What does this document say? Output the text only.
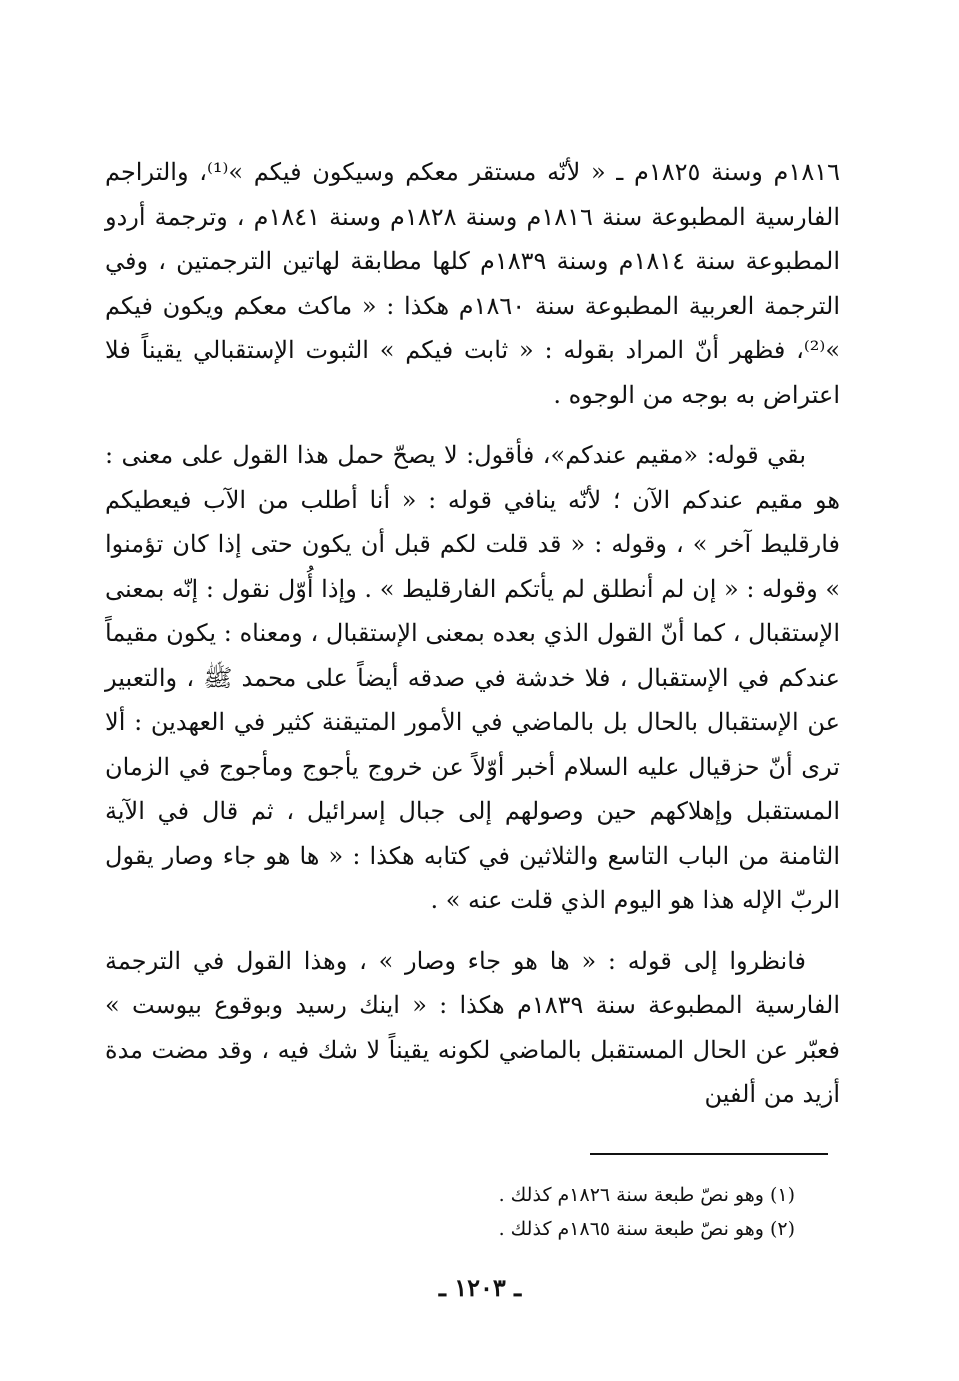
١٨١٦م وسنة ١٨٢٥م ـ « لأنّه مستقر معكم وسيكون فيكم »⁽¹⁾، والتراجم الفارسية المطبوعة سنة ١٨١٦م وسنة ١٨٢٨م وسنة ١٨٤١م ، وترجمة أردو المطبوعة سنة ١٨١٤م وسنة ١٨٣٩م كلها مطابقة لهاتين الترجمتين ، وفي الترجمة العربية المطبوعة سنة ١٨٦٠م هكذا : « ماكث معكم ويكون فيكم »⁽²⁾، فظهر أنّ المراد بقوله : « ثابت فيكم » الثبوت الإستقبالي يقيناً فلا اعتراض به بوجه من الوجوه .

بقي قوله: «مقيم عندكم»، فأقول: لا يصحّ حمل هذا القول على معنى : هو مقيم عندكم الآن ؛ لأنّه ينافي قوله : « أنا أطلب من الآب فيعطيكم فارقليط آخر » ، وقوله : « قد قلت لكم قبل أن يكون حتى إذا كان تؤمنوا » وقوله : « إن لم أنطلق لم يأتكم الفارقليط » . وإذا أُوّل نقول : إنّه بمعنى الإستقبال ، كما أنّ القول الذي بعده بمعنى الإستقبال ، ومعناه : يكون مقيماً عندكم في الإستقبال ، فلا خدشة في صدقه أيضاً على محمد ﷺ ، والتعبير عن الإستقبال بالحال بل بالماضي في الأمور المتيقنة كثير في العهدين : ألا ترى أنّ حزقيال عليه السلام أخبر أوّلاً عن خروج يأجوج ومأجوج في الزمان المستقبل وإهلاكهم حين وصولهم إلى جبال إسرائيل ، ثم قال في الآية الثامنة من الباب التاسع والثلاثين في كتابه هكذا : « ها هو جاء وصار يقول الربّ الإله هذا هو اليوم الذي قلت عنه » .

فانظروا إلى قوله : « ها هو جاء وصار » ، وهذا القول في الترجمة الفارسية المطبوعة سنة ١٨٣٩م هكذا : « اينك رسيد وبوقوع بيوست » فعبّر عن الحال المستقبل بالماضي لكونه يقيناً لا شك فيه ، وقد مضت مدة أزيد من ألفين

(١) وهو نصّ طبعة سنة ١٨٢٦م كذلك .

(٢) وهو نصّ طبعة سنة ١٨٦٥م كذلك .

ـ ١٢٠٣ ـ
